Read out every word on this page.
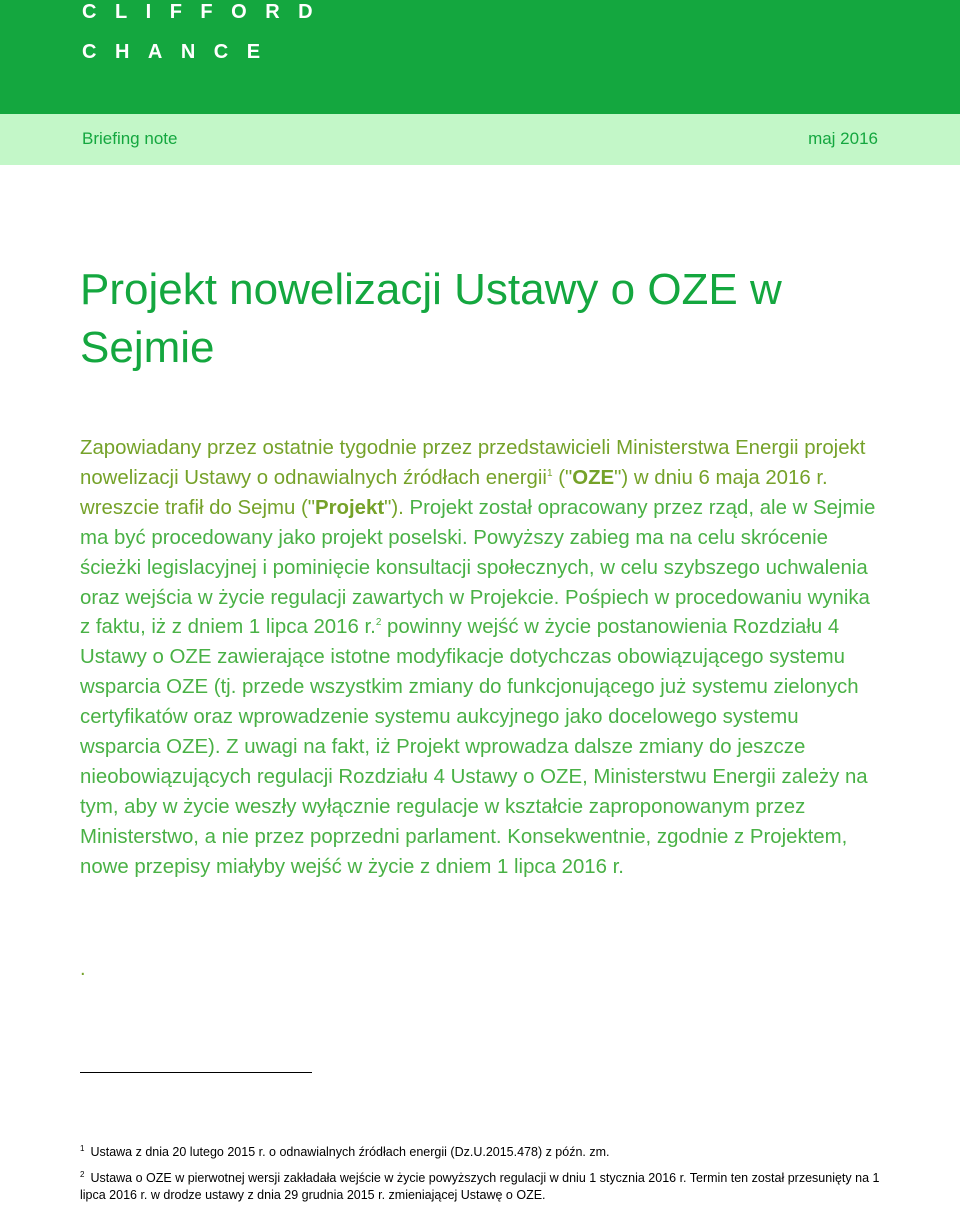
CLIFFORD
CHANCE
Briefing note	maj 2016
Projekt nowelizacji Ustawy o OZE w Sejmie

Zapowiadany przez ostatnie tygodnie przez przedstawicieli Ministerstwa Energii projekt nowelizacji Ustawy o odnawialnych źródłach energii$^1$ ("OZE") w dniu 6 maja 2016 r. wreszcie trafił do Sejmu ("Projekt"). Projekt został opracowany przez rząd, ale w Sejmie ma być procedowany jako projekt poselski. Powyższy zabieg ma na celu skrócenie ścieżki legislacyjnej i pominięcie konsultacji społecznych, w celu szybszego uchwalenia oraz wejścia w życie regulacji zawartych w Projekcie. Pośpiech w procedowaniu wynika z faktu, iż z dniem 1 lipca 2016 r.$^2$ powinny wejść w życie postanowienia Rozdziału 4 Ustawy o OZE zawierające istotne modyfikacje dotychczas obowiązującego systemu wsparcia OZE (tj. przede wszystkim zmiany do funkcjonującego już systemu zielonych certyfikatów oraz wprowadzenie systemu aukcyjnego jako docelowego systemu wsparcia OZE). Z uwagi na fakt, iż Projekt wprowadza dalsze zmiany do jeszcze nieobowiązujących regulacji Rozdziału 4 Ustawy o OZE, Ministerstwu Energii zależy na tym, aby w życie weszły wyłącznie regulacje w kształcie zaproponowanym przez Ministerstwo, a nie przez poprzedni parlament. Konsekwentnie, zgodnie z Projektem, nowe przepisy miałyby wejść w życie z dniem 1 lipca 2016 r.

.

$^1$ Ustawa z dnia 20 lutego 2015 r. o odnawialnych źródłach energii (Dz.U.2015.478) z późn. zm.

$^2$ Ustawa o OZE w pierwotnej wersji zakładała wejście w życie powyższych regulacji w dniu 1 stycznia 2016 r. Termin ten został przesunięty na 1 lipca 2016 r. w drodze ustawy z dnia 29 grudnia 2015 r. zmieniającej Ustawę o OZE.
